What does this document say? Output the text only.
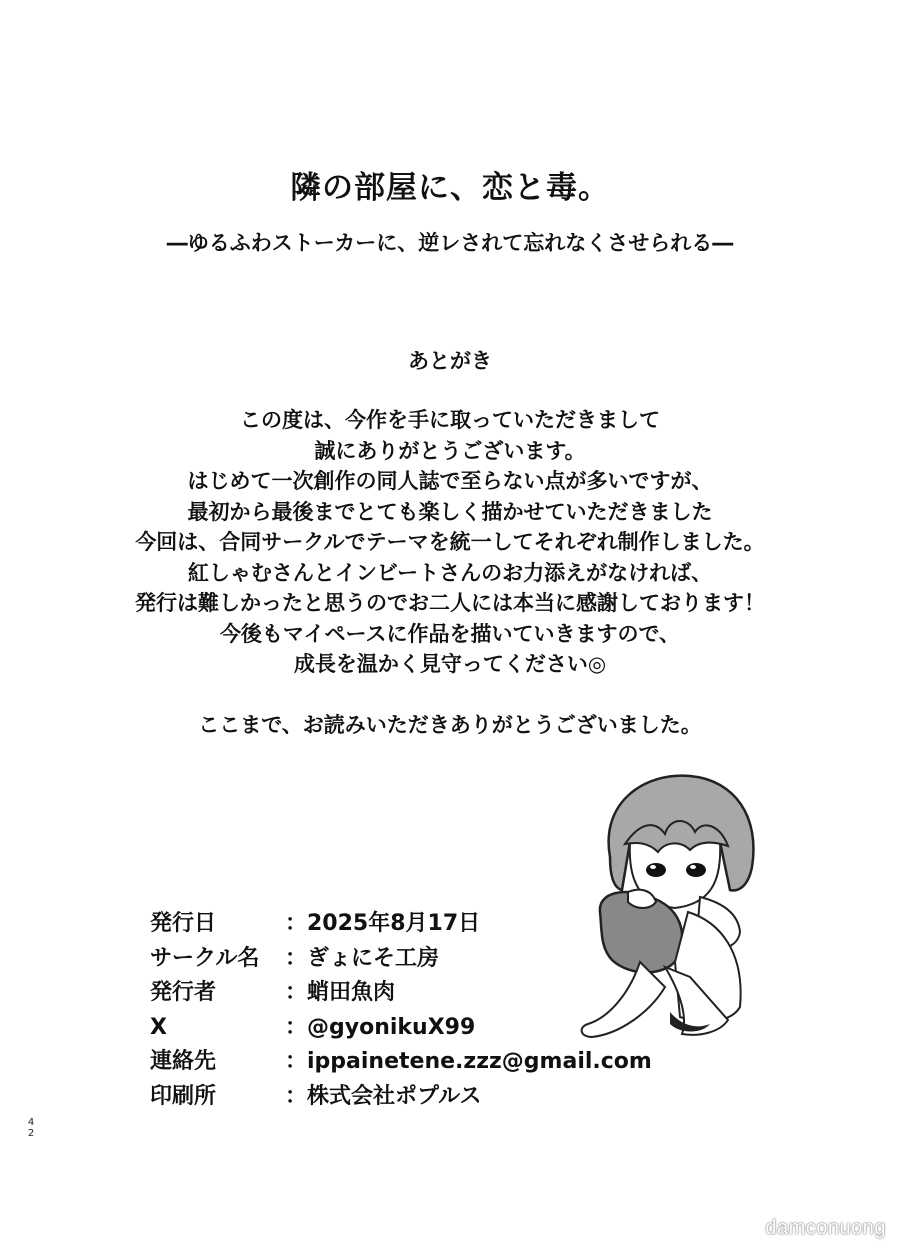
隣の部屋に、恋と毒。
―ゆるふわストーカーに、逆レされて忘れなくさせられる―
あとがき
この度は、今作を手に取っていただきまして
誠にありがとうございます。
はじめて一次創作の同人誌で至らない点が多いですが、
最初から最後までとても楽しく描かせていただきました
今回は、合同サークルでテーマを統一してそれぞれ制作しました。
紅しゃむさんとインビートさんのお力添えがなければ、
発行は難しかったと思うのでお二人には本当に感謝しております！
今後もマイペースに作品を描いていきますので、
成長を温かく見守ってください◎
ここまで、お読みいただきありがとうございました。
発行日	：2025年8月17日
サークル名 ：ぎょにそ工房
発行者	：蛸田魚肉
X	：@gyonikuX99
連絡先	：ippainetene.zzz@gmail.com
印刷所	：株式会社ポプルス
4
2
damconuong
